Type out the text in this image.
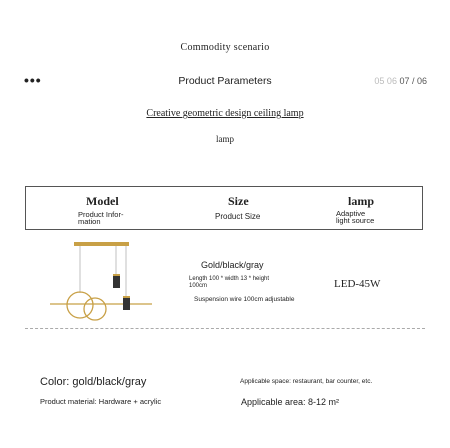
Commodity scenario
•••	Product Parameters	05 06 07 / 06
Creative geometric design ceiling lamp
lamp
Model
Product Infor-mation
Size
Product Size
lamp
Adaptive light source
Gold/black/gray
Length 100 * width 13 * height 100cm
Suspension wire 100cm adjustable
LED-45W
Color: gold/black/gray
Product material: Hardware + acrylic
Applicable space: restaurant, bar counter, etc.
Applicable area: 8-12 m²
